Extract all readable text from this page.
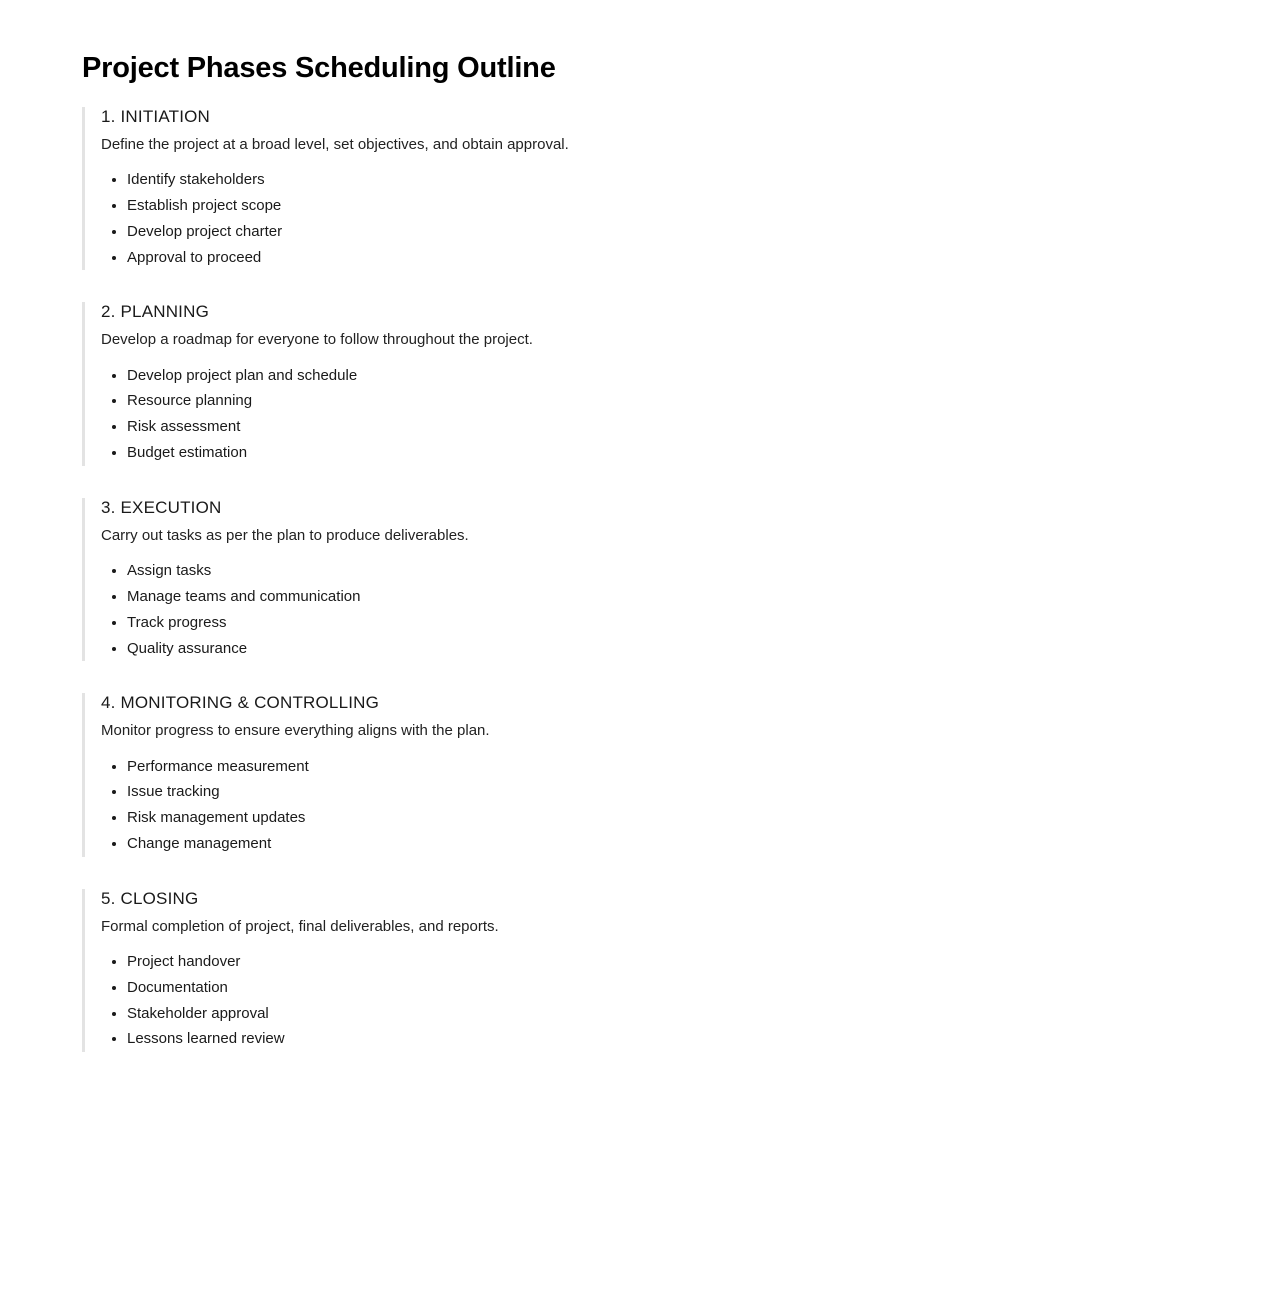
Project Phases Scheduling Outline
1. INITIATION

Define the project at a broad level, set objectives, and obtain approval.

• Identify stakeholders
• Establish project scope
• Develop project charter
• Approval to proceed
2. PLANNING

Develop a roadmap for everyone to follow throughout the project.

• Develop project plan and schedule
• Resource planning
• Risk assessment
• Budget estimation
3. EXECUTION

Carry out tasks as per the plan to produce deliverables.

• Assign tasks
• Manage teams and communication
• Track progress
• Quality assurance
4. MONITORING & CONTROLLING

Monitor progress to ensure everything aligns with the plan.

• Performance measurement
• Issue tracking
• Risk management updates
• Change management
5. CLOSING

Formal completion of project, final deliverables, and reports.

• Project handover
• Documentation
• Stakeholder approval
• Lessons learned review
